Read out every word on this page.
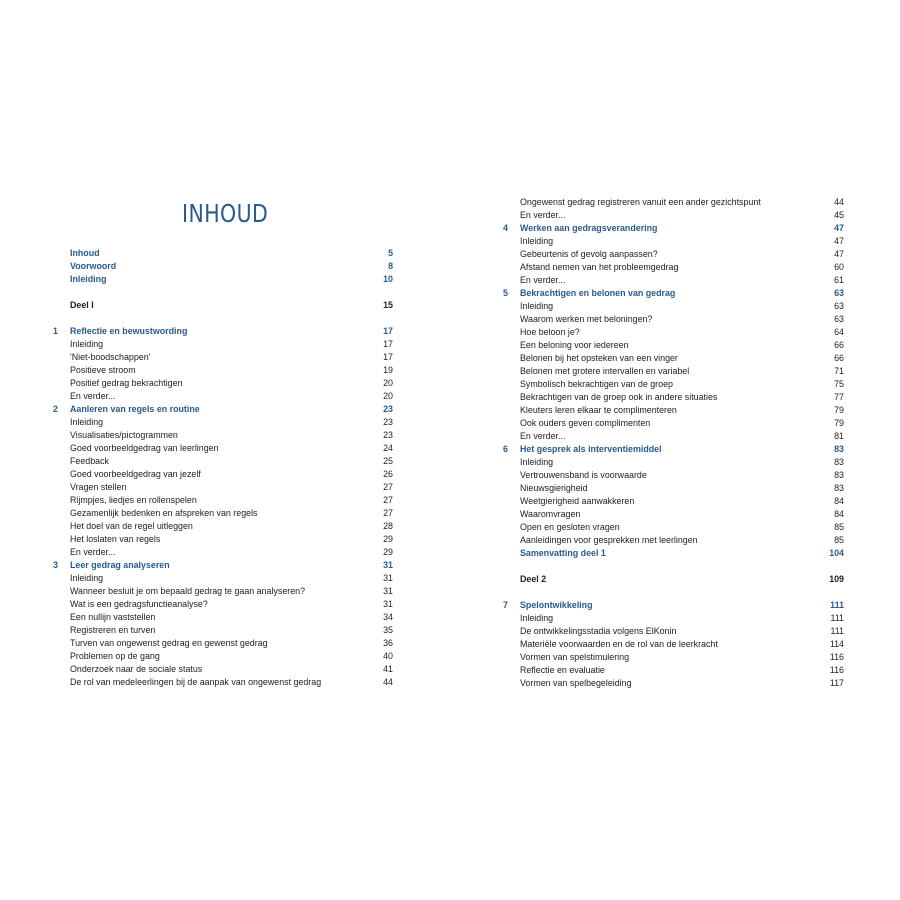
INHOUD
Inhoud	5
Voorwoord	8
Inleiding	10
Deel I	15
1	Reflectie en bewustwording	17
Inleiding	17
'Niet-boodschappen'	17
Positieve stroom	19
Positief gedrag bekrachtigen	20
En verder...	20
2	Aanleren van regels en routine	23
Inleiding	23
Visualisaties/pictogrammen	23
Goed voorbeeldgedrag van leerlingen	24
Feedback	25
Goed voorbeeldgedrag van jezelf	26
Vragen stellen	27
Rijmpjes, liedjes en rollenspelen	27
Gezamenlijk bedenken en afspreken van regels	27
Het doel van de regel uitleggen	28
Het loslaten van regels	29
En verder...	29
3	Leer gedrag analyseren	31
Inleiding	31
Wanneer besluit je om bepaald gedrag te gaan analyseren?	31
Wat is een gedragsfunctieanalyse?	31
Een nullijn vaststellen	34
Registreren en turven	35
Turven van ongewenst gedrag en gewenst gedrag	36
Problemen op de gang	40
Onderzoek naar de sociale status	41
De rol van medeleerlingen bij de aanpak van ongewenst gedrag	44
Ongewenst gedrag registreren vanuit een ander gezichtspunt	44
En verder...	45
4	Werken aan gedragsverandering	47
Inleiding	47
Gebeurtenis of gevolg aanpassen?	47
Afstand nemen van het probleemgedrag	60
En verder...	61
5	Bekrachtigen en belonen van gedrag	63
Inleiding	63
Waarom werken met beloningen?	63
Hoe beloon je?	64
Een beloning voor iedereen	66
Belonen bij het opsteken van een vinger	66
Belonen met grotere intervallen en variabel	71
Symbolisch bekrachtigen van de groep	75
Bekrachtigen van de groep ook in andere situaties	77
Kleuters leren elkaar te complimenteren	79
Ook ouders geven complimenten	79
En verder...	81
6	Het gesprek als interventiemiddel	83
Inleiding	83
Vertrouwensband is voorwaarde	83
Nieuwsgierigheid	83
Weetgierigheid aanwakkeren	84
Waaromvragen	84
Open en gesloten vragen	85
Aanleidingen voor gesprekken met leerlingen	85
Samenvatting deel 1	104
Deel 2	109
7	Spelontwikkeling	111
Inleiding	111
De ontwikkelingsstadia volgens ElKonin	111
Materiële voorwaarden en de rol van de leerkracht	114
Vormen van spelstimulering	116
Reflectie en evaluatie	116
Vormen van spelbegeleiding	117
